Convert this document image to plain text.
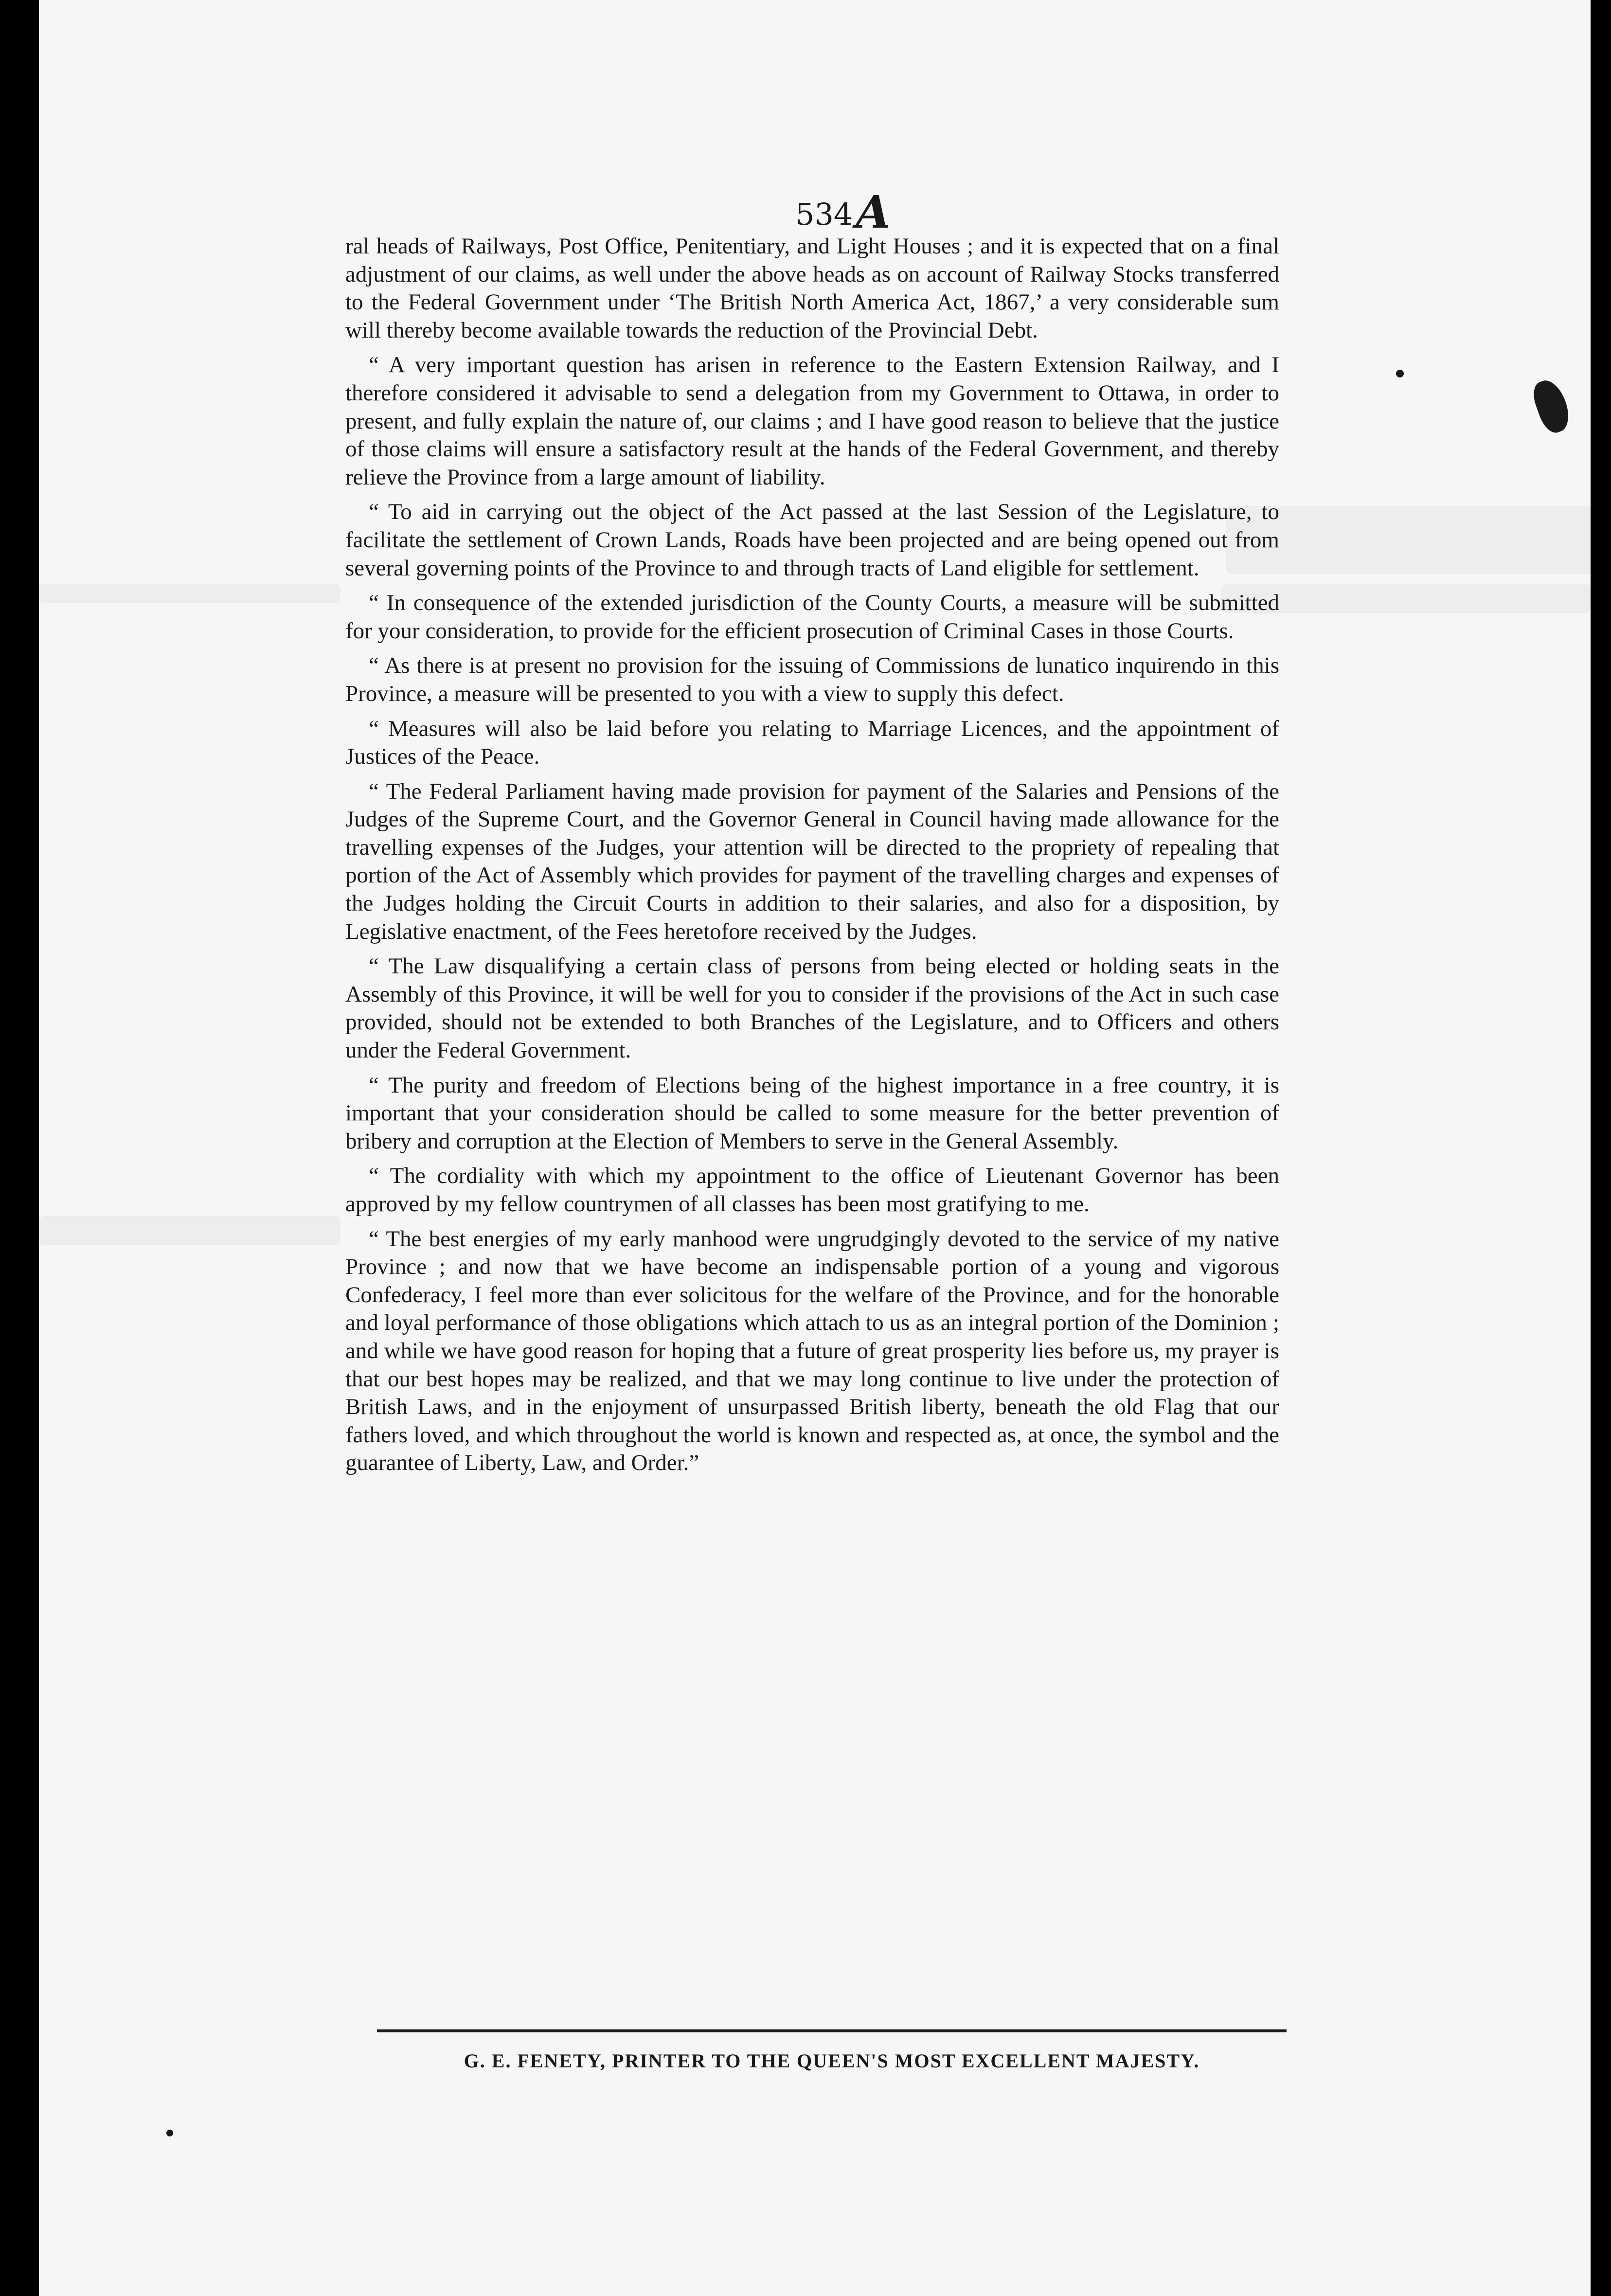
534A

ral heads of Railways, Post Office, Penitentiary, and Light Houses ; and it is expected that on a final adjustment of our claims, as well under the above heads as on account of Railway Stocks transferred to the Federal Government under ‘The British North America Act, 1867,’ a very considerable sum will thereby become available towards the reduction of the Provincial Debt.

“ A very important question has arisen in reference to the Eastern Extension Railway, and I therefore considered it advisable to send a delegation from my Government to Ottawa, in order to present, and fully explain the nature of, our claims ; and I have good reason to believe that the justice of those claims will ensure a satisfactory result at the hands of the Federal Government, and thereby relieve the Province from a large amount of liability.

“ To aid in carrying out the object of the Act passed at the last Session of the Legislature, to facilitate the settlement of Crown Lands, Roads have been projected and are being opened out from several governing points of the Province to and through tracts of Land eligible for settlement.

“ In consequence of the extended jurisdiction of the County Courts, a measure will be submitted for your consideration, to provide for the efficient prosecution of Criminal Cases in those Courts.

“ As there is at present no provision for the issuing of Commissions de lunatico inquirendo in this Province, a measure will be presented to you with a view to supply this defect.

“ Measures will also be laid before you relating to Marriage Licences, and the appointment of Justices of the Peace.

“ The Federal Parliament having made provision for payment of the Salaries and Pensions of the Judges of the Supreme Court, and the Governor General in Council having made allowance for the travelling expenses of the Judges, your attention will be directed to the propriety of repealing that portion of the Act of Assembly which provides for payment of the travelling charges and expenses of the Judges holding the Circuit Courts in addition to their salaries, and also for a disposition, by Legislative enactment, of the Fees heretofore received by the Judges.

“ The Law disqualifying a certain class of persons from being elected or holding seats in the Assembly of this Province, it will be well for you to consider if the provisions of the Act in such case provided, should not be extended to both Branches of the Legislature, and to Officers and others under the Federal Government.

“ The purity and freedom of Elections being of the highest importance in a free country, it is important that your consideration should be called to some measure for the better prevention of bribery and corruption at the Election of Members to serve in the General Assembly.

“ The cordiality with which my appointment to the office of Lieutenant Governor has been approved by my fellow countrymen of all classes has been most gratifying to me.

“ The best energies of my early manhood were ungrudgingly devoted to the service of my native Province ; and now that we have become an indispensable portion of a young and vigorous Confederacy, I feel more than ever solicitous for the welfare of the Province, and for the honorable and loyal performance of those obligations which attach to us as an integral portion of the Dominion ; and while we have good reason for hoping that a future of great prosperity lies before us, my prayer is that our best hopes may be realized, and that we may long continue to live under the protection of British Laws, and in the enjoyment of unsurpassed British liberty, beneath the old Flag that our fathers loved, and which throughout the world is known and respected as, at once, the symbol and the guarantee of Liberty, Law, and Order.”

G. E. FENETY, PRINTER TO THE QUEEN'S MOST EXCELLENT MAJESTY.
